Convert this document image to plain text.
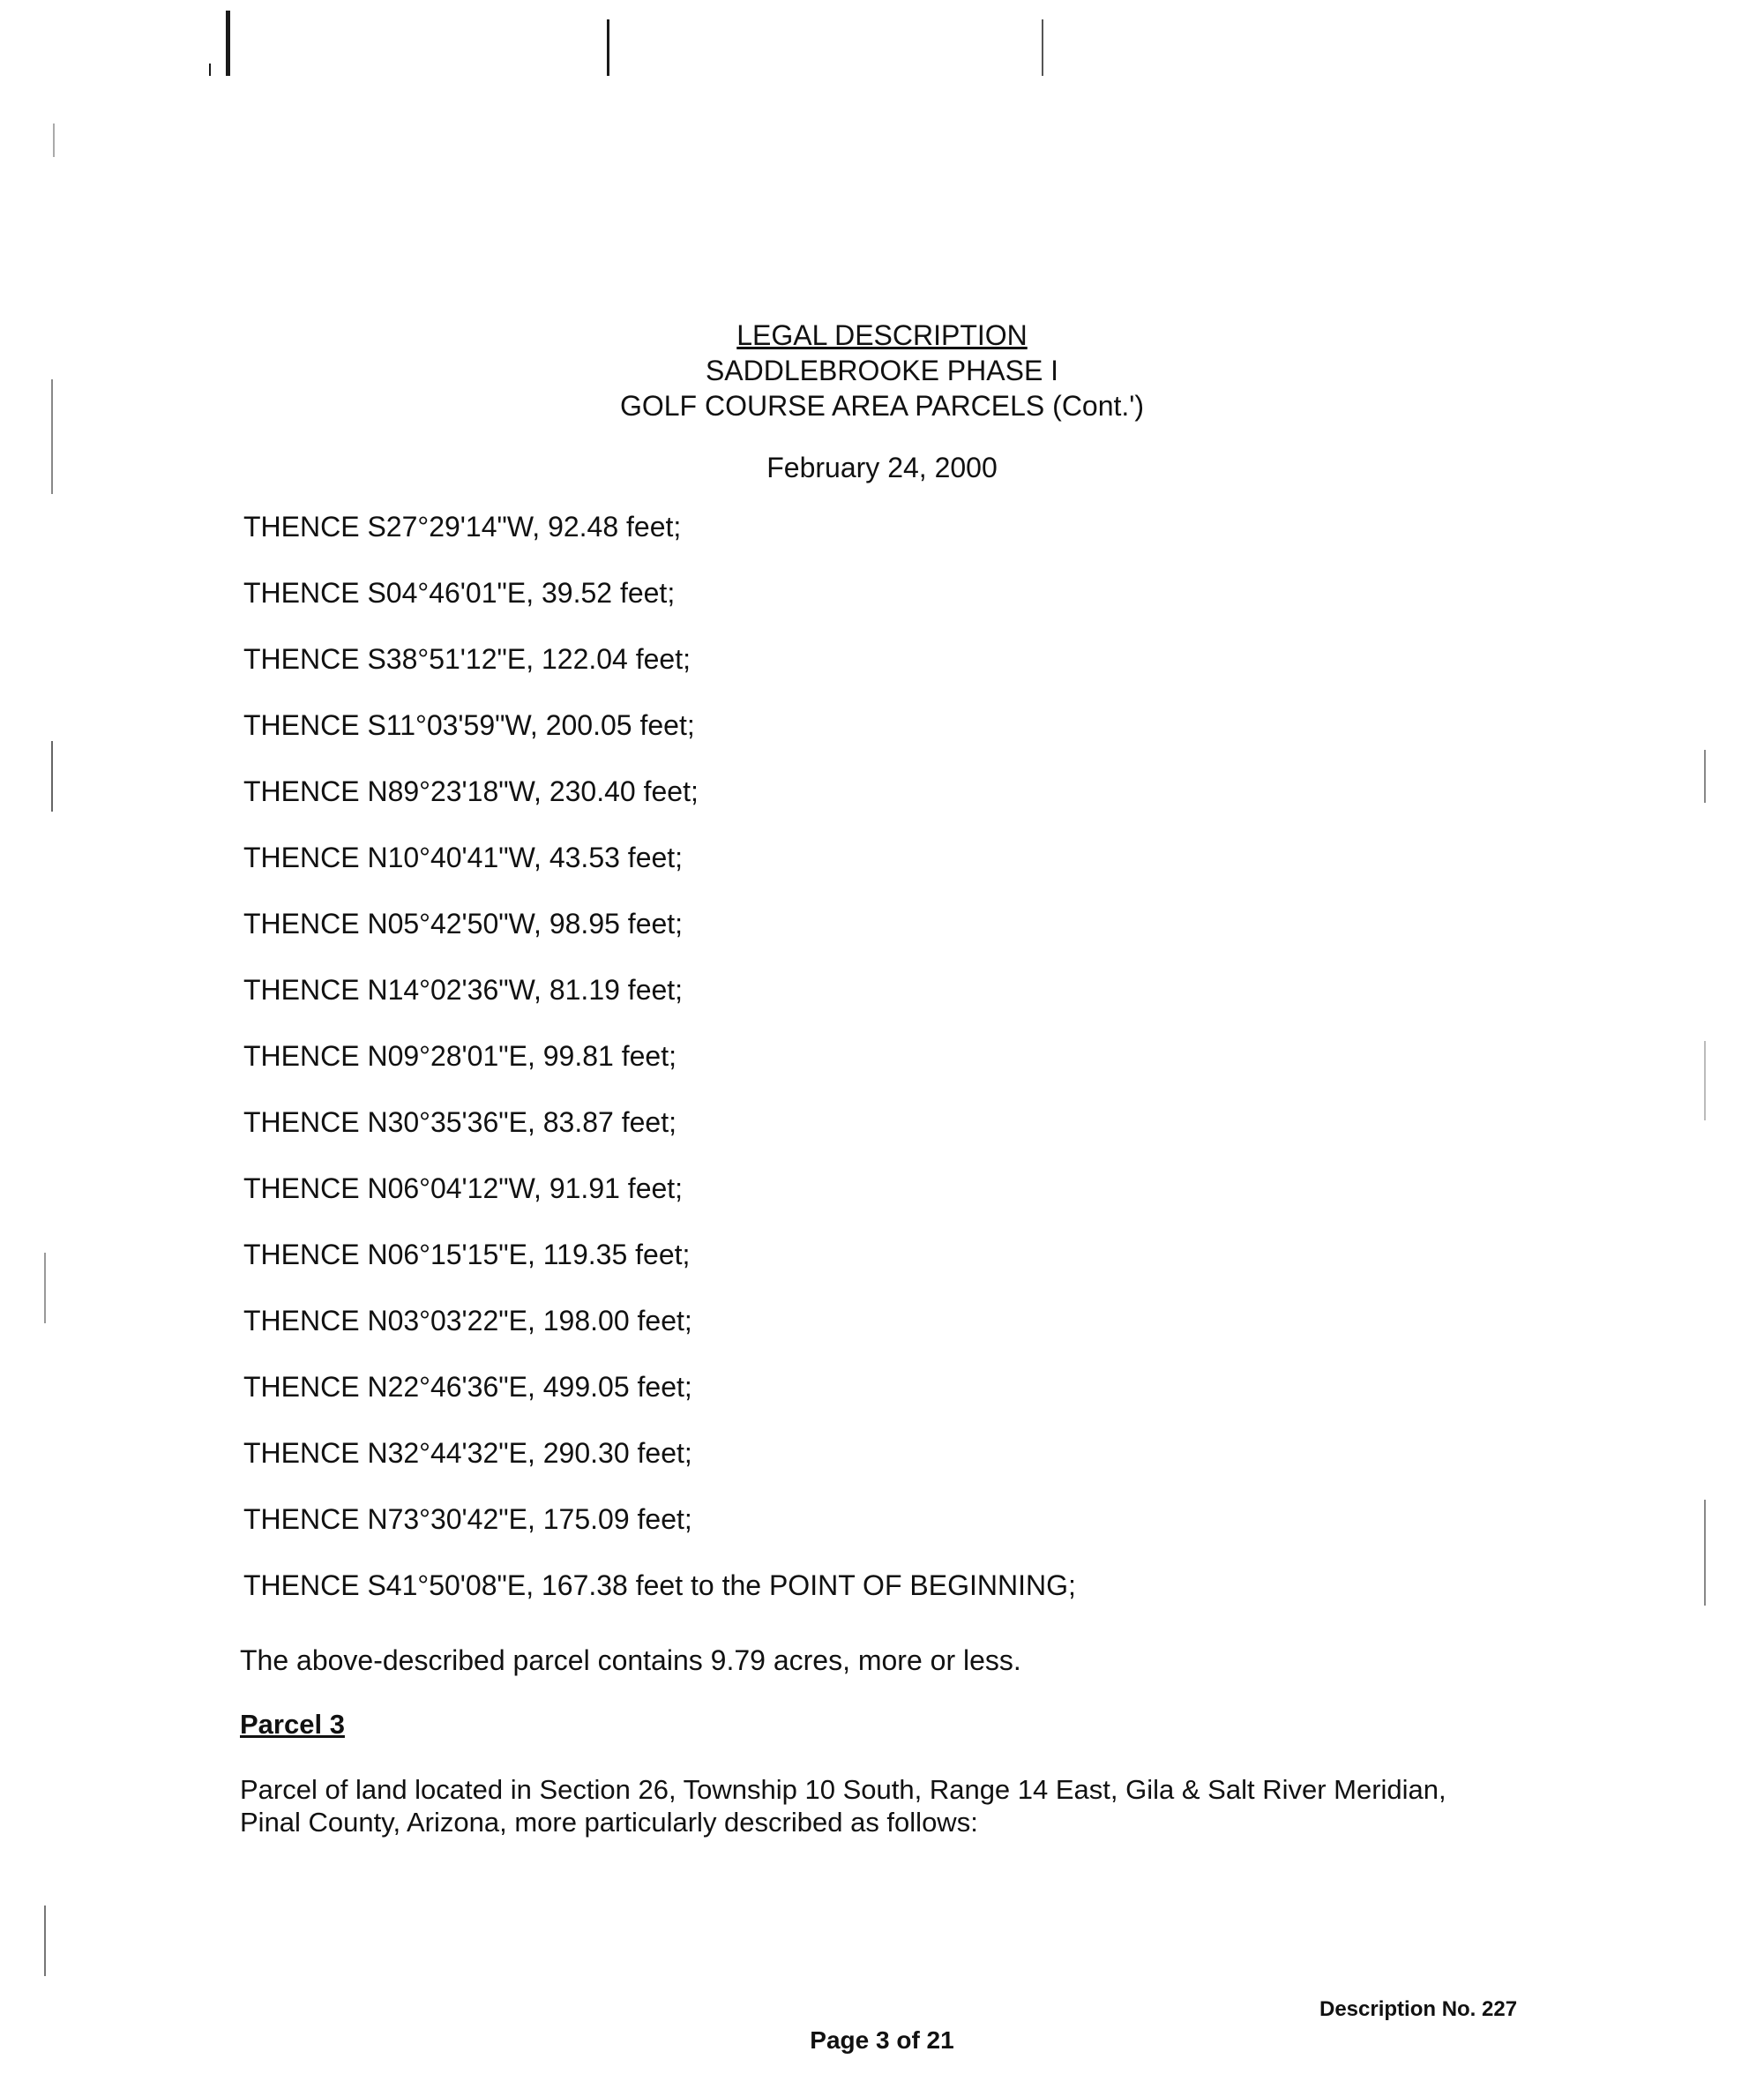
LEGAL DESCRIPTION
SADDLEBROOKE PHASE I
GOLF COURSE AREA PARCELS (Cont.')
February 24, 2000
THENCE S27°29'14"W, 92.48 feet;
THENCE S04°46'01"E, 39.52 feet;
THENCE S38°51'12"E, 122.04 feet;
THENCE S11°03'59"W, 200.05 feet;
THENCE N89°23'18"W, 230.40 feet;
THENCE N10°40'41"W, 43.53 feet;
THENCE N05°42'50"W, 98.95 feet;
THENCE N14°02'36"W, 81.19 feet;
THENCE N09°28'01"E, 99.81 feet;
THENCE N30°35'36"E, 83.87 feet;
THENCE N06°04'12"W, 91.91 feet;
THENCE N06°15'15"E, 119.35 feet;
THENCE N03°03'22"E, 198.00 feet;
THENCE N22°46'36"E, 499.05 feet;
THENCE N32°44'32"E, 290.30 feet;
THENCE N73°30'42"E, 175.09 feet;
THENCE S41°50'08"E, 167.38 feet to the POINT OF BEGINNING;
The above-described parcel contains 9.79 acres, more or less.
Parcel 3
Parcel of land located in Section 26, Township 10 South, Range 14 East, Gila & Salt River Meridian, Pinal County, Arizona, more particularly described as follows:
Description No. 227
Page 3 of 21
